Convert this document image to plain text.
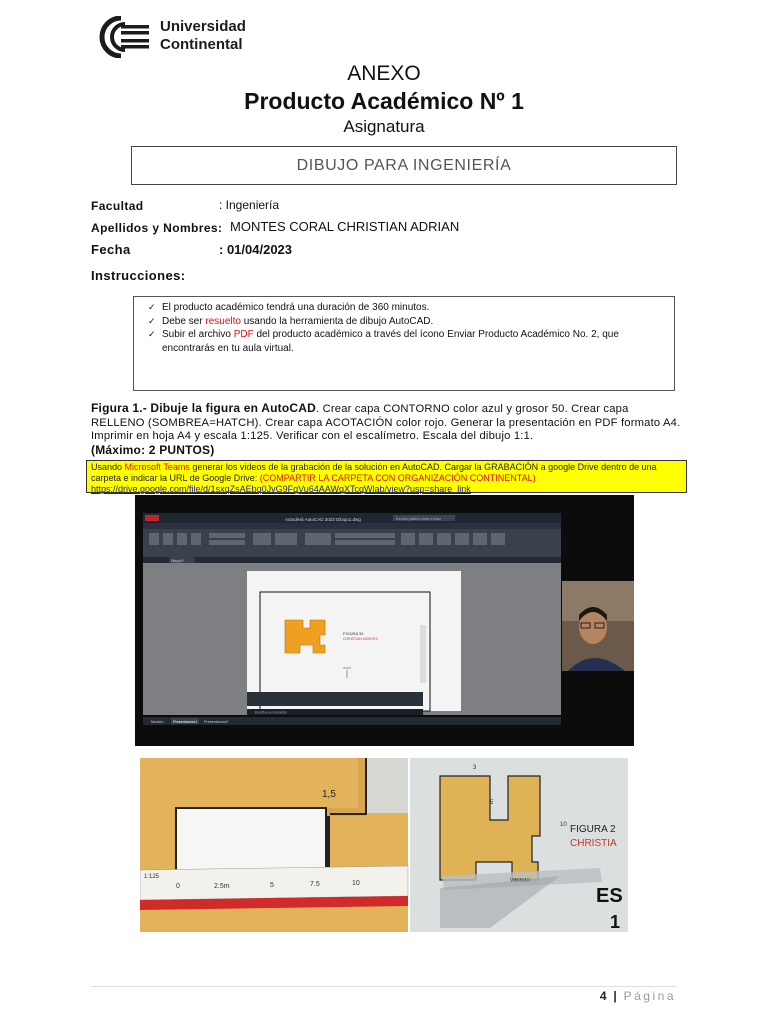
Universidad
Continental
ANEXO
Producto Académico Nº 1
Asignatura
DIBUJO PARA INGENIERÍA
Facultad	: Ingeniería
Apellidos y Nombres: MONTES CORAL CHRISTIAN ADRIAN
Fecha	: 01/04/2023
Instrucciones:
✓ El producto académico tendrá una duración de 360 minutos.
✓ Debe ser resuelto usando la herramienta de dibujo AutoCAD.
✓ Subir el archivo PDF del producto académico a través del ícono Enviar Producto Académico No. 2, que encontrarás en tu aula virtual.
Figura 1.- Dibuje la figura en AutoCAD. Crear capa CONTORNO color azul y grosor 50. Crear capa RELLENO (SOMBREA=HATCH). Crear capa ACOTACIÓN color rojo. Generar la presentación en PDF formato A4. Imprimir en hoja A4 y escala 1:125. Verificar con el escalímetro. Escala del dibujo 1:1.
(Máximo: 2 PUNTOS)
Usando Microsoft Teams generar los videos de la grabación de la solución en AutoCAD. Cargar la GRABACIÓN a google Drive dentro de una carpeta e indicar la URL de Google Drive: (COMPARTIR LA CARPETA CON ORGANIZACIÓN CONTINENTAL)
https://drive.google.com/file/d/1sxqZsAEbq0JvG9FqVu64AAWqXTcqWlab/view?usp=share_link
Autodesk AutoCAD 2023 Dibujo1.dwg	Escriba palabra clave o frase
Dibujo1*
FIGURA 30
CHRISTIAN MONTES
Escriba un comando
Modelo	Presentación1 Presentación2
1,5
1:125
0	2.5m	5	7.5	10
3
5
10 FIGURA 2
CHRISTIA
ES
1
4 | Página
